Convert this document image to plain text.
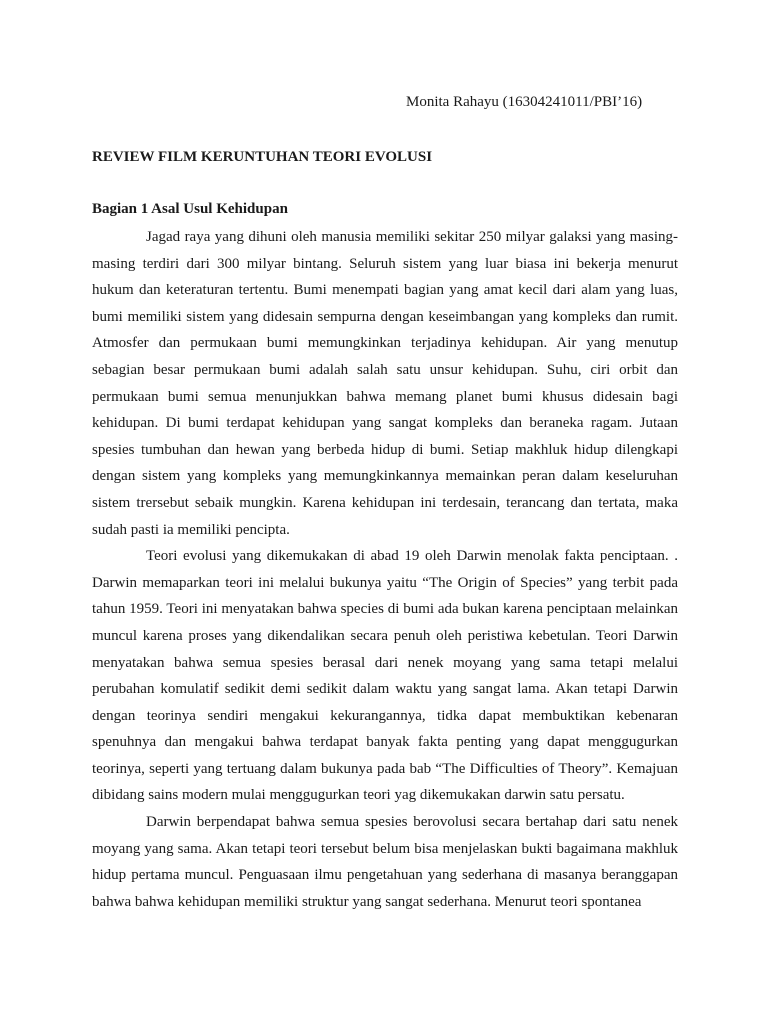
Monita Rahayu (16304241011/PBI’16)
REVIEW FILM KERUNTUHAN TEORI EVOLUSI
Bagian 1 Asal Usul Kehidupan

Jagad raya yang dihuni oleh manusia memiliki sekitar 250 milyar galaksi yang masing-masing terdiri dari 300 milyar bintang. Seluruh sistem yang luar biasa ini bekerja menurut hukum dan keteraturan tertentu. Bumi menempati bagian yang amat kecil dari alam yang luas, bumi memiliki sistem yang didesain sempurna dengan keseimbangan yang kompleks dan rumit. Atmosfer dan permukaan bumi memungkinkan terjadinya kehidupan. Air yang menutup sebagian besar permukaan bumi adalah salah satu unsur kehidupan. Suhu, ciri orbit dan permukaan bumi semua menunjukkan bahwa memang planet bumi khusus didesain bagi kehidupan. Di bumi terdapat kehidupan yang sangat kompleks dan beraneka ragam. Jutaan spesies tumbuhan dan hewan yang berbeda hidup di bumi. Setiap makhluk hidup dilengkapi dengan sistem yang kompleks yang memungkinkannya memainkan peran dalam keseluruhan sistem trersebut sebaik mungkin. Karena kehidupan ini terdesain, terancang dan tertata, maka sudah pasti ia memiliki pencipta.

Teori evolusi yang dikemukakan di abad 19 oleh Darwin menolak fakta penciptaan. . Darwin memaparkan teori ini melalui bukunya yaitu “The Origin of Species” yang terbit pada tahun 1959. Teori ini menyatakan bahwa species di bumi ada bukan karena penciptaan melainkan muncul karena proses yang dikendalikan secara penuh oleh peristiwa kebetulan. Teori Darwin menyatakan bahwa semua spesies berasal dari nenek moyang yang sama tetapi melalui perubahan komulatif sedikit demi sedikit dalam waktu yang sangat lama. Akan tetapi Darwin dengan teorinya sendiri mengakui kekurangannya, tidka dapat membuktikan kebenaran spenuhnya dan mengakui bahwa terdapat banyak fakta penting yang dapat menggugurkan teorinya, seperti yang tertuang dalam bukunya pada bab “The Difficulties of Theory”. Kemajuan dibidang sains modern mulai menggugurkan teori yag dikemukakan darwin satu persatu.

Darwin berpendapat bahwa semua spesies berovolusi secara bertahap dari satu nenek moyang yang sama. Akan tetapi teori tersebut belum bisa menjelaskan bukti bagaimana makhluk hidup pertama muncul. Penguasaan ilmu pengetahuan yang sederhana di masanya beranggapan bahwa bahwa kehidupan memiliki struktur yang sangat sederhana. Menurut teori spontanea
